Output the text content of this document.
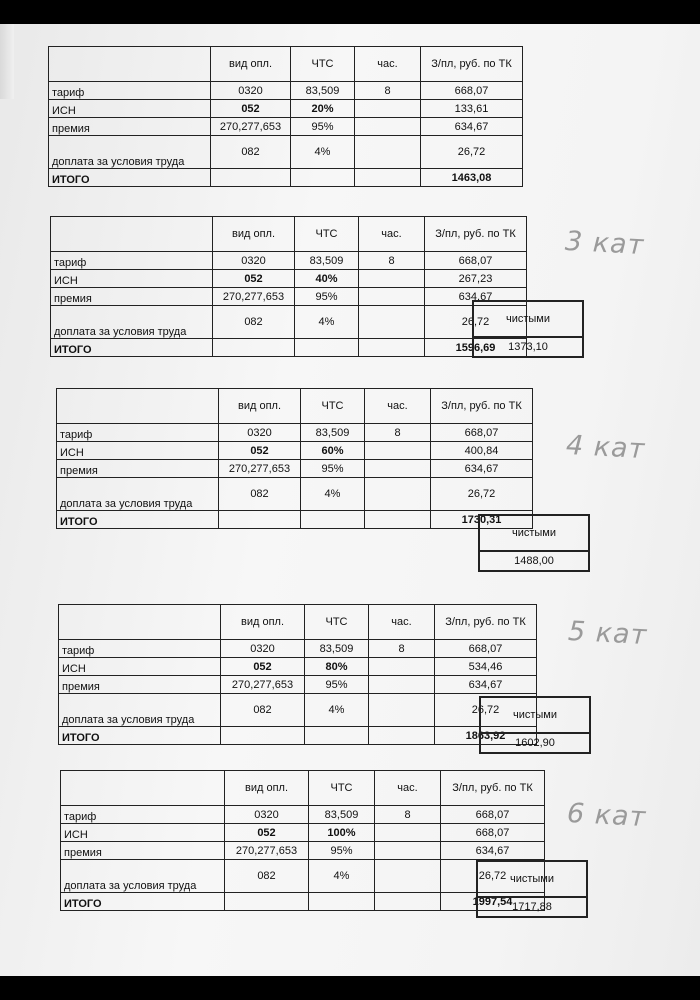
	вид опл.	ЧТС	час.	З/пл, руб. по ТК
тариф	0320	83,509	8	668,07
ИСН	052	20%		133,61
премия	270,277,653	95%		634,67
доплата за условия труда	082	4%		26,72
ИТОГО				1463,08
	вид опл.	ЧТС	час.	З/пл, руб. по ТК
тариф	0320	83,509	8	668,07
ИСН	052	40%		267,23
премия	270,277,653	95%		634,67
доплата за условия труда	082	4%		26,72
ИТОГО				1596,69
чистыми
1373,10
3 кат
	вид опл.	ЧТС	час.	З/пл, руб. по ТК
тариф	0320	83,509	8	668,07
ИСН	052	60%		400,84
премия	270,277,653	95%		634,67
доплата за условия труда	082	4%		26,72
ИТОГО				1730,31
чистыми
1488,00
4 кат
	вид опл.	ЧТС	час.	З/пл, руб. по ТК
тариф	0320	83,509	8	668,07
ИСН	052	80%		534,46
премия	270,277,653	95%		634,67
доплата за условия труда	082	4%		26,72
ИТОГО				1863,92
чистыми
1602,90
5 кат
	вид опл.	ЧТС	час.	З/пл, руб. по ТК
тариф	0320	83,509	8	668,07
ИСН	052	100%		668,07
премия	270,277,653	95%		634,67
доплата за условия труда	082	4%		26,72
ИТОГО				1997,54
чистыми
1717,88
6 кат
